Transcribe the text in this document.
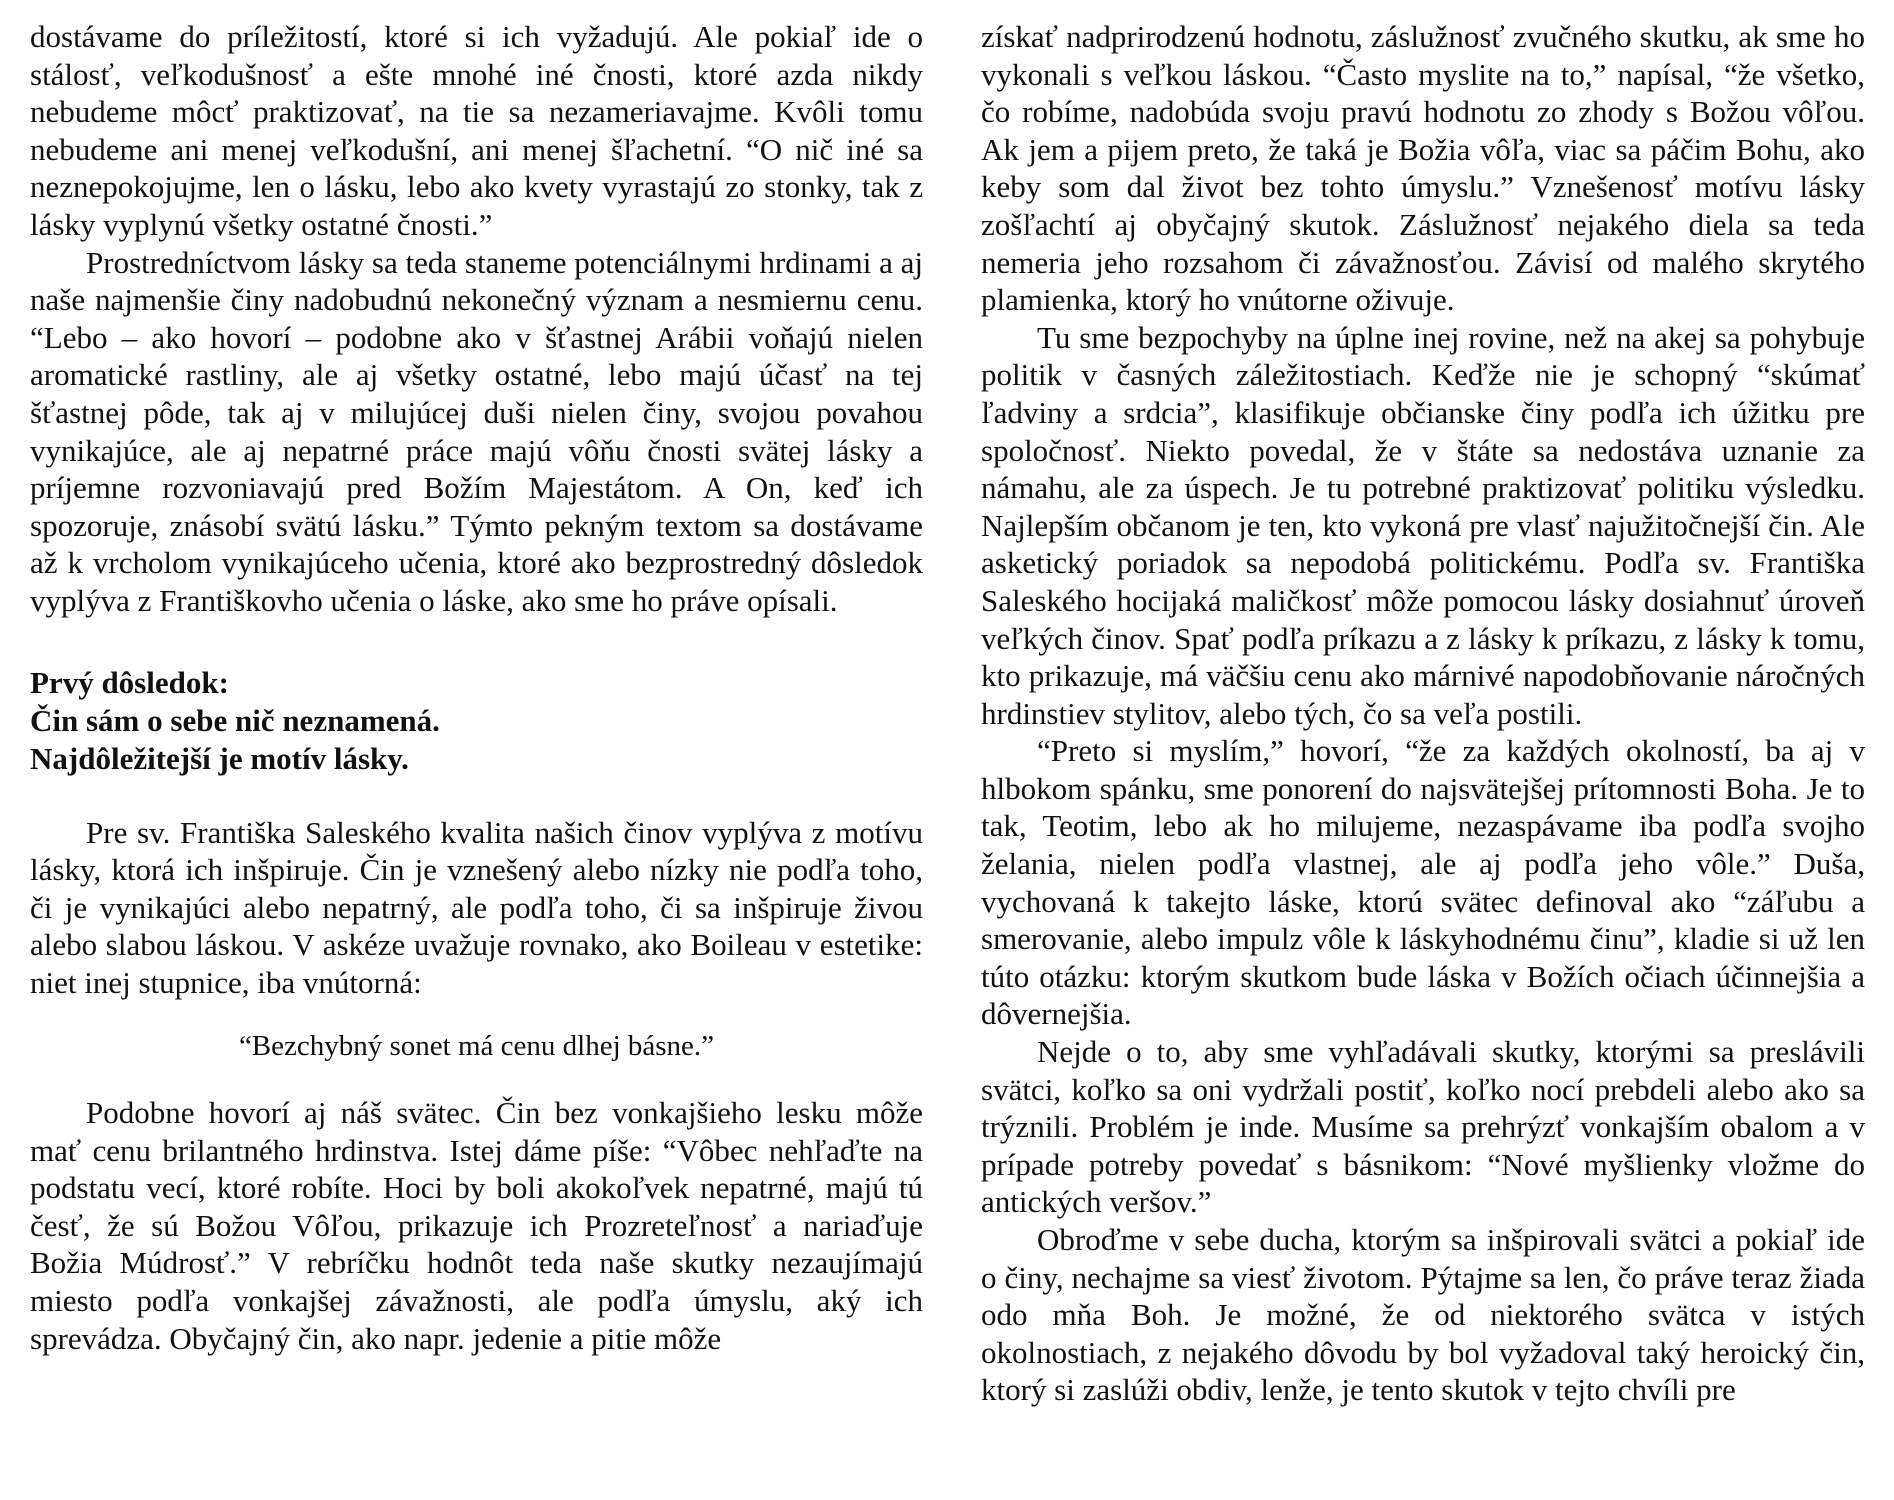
dostávame do príležitostí, ktoré si ich vyžadujú. Ale pokiaľ ide o stálosť, veľkodušnosť a ešte mnohé iné čnosti, ktoré azda nikdy nebudeme môcť praktizovať, na tie sa nezameriavajme. Kvôli tomu nebudeme ani menej veľkodušní, ani menej šľachetní. “O nič iné sa neznepokojujme, len o lásku, lebo ako kvety vyrastajú zo stonky, tak z lásky vyplynú všetky ostatné čnosti.”

Prostredníctvom lásky sa teda staneme potenciálnymi hrdinami a aj naše najmenšie činy nadobudnú nekonečný význam a nesmiernu cenu. “Lebo – ako hovorí – podobne ako v šťastnej Arábii voňajú nielen aromatické rastliny, ale aj všetky ostatné, lebo majú účasť na tej šťastnej pôde, tak aj v milujúcej duši nielen činy, svojou povahou vynikajúce, ale aj nepatrné práce majú vôňu čnosti svätej lásky a príjemne rozvoniavajú pred Božím Majestátom. A On, keď ich spozoruje, znásobí svätú lásku.” Týmto pekným textom sa dostávame až k vrcholom vynikajúceho učenia, ktoré ako bezprostredný dôsledok vyplýva z Františkovho učenia o láske, ako sme ho práve opísali.

Prvý dôsledok:
Čin sám o sebe nič neznamená.
Najdôležitejší je motív lásky.

Pre sv. Františka Saleského kvalita našich činov vyplýva z motívu lásky, ktorá ich inšpiruje. Čin je vznešený alebo nízky nie podľa toho, či je vynikajúci alebo nepatrný, ale podľa toho, či sa inšpiruje živou alebo slabou láskou. V askéze uvažuje rovnako, ako Boileau v estetike: niet inej stupnice, iba vnútorná:

“Bezchybný sonet má cenu dlhej básne.”

Podobne hovorí aj náš svätec. Čin bez vonkajšieho lesku môže mať cenu brilantného hrdinstva. Istej dáme píše: “Vôbec nehľaďte na podstatu vecí, ktoré robíte. Hoci by boli akokoľvek nepatrné, majú tú česť, že sú Božou Vôľou, prikazuje ich Prozreteľnosť a nariaďuje Božia Múdrosť.” V rebríčku hodnôt teda naše skutky nezaujímajú miesto podľa vonkajšej závažnosti, ale podľa úmyslu, aký ich sprevádza. Obyčajný čin, ako napr. jedenie a pitie môže

získať nadprirodzenú hodnotu, záslužnosť zvučného skutku, ak sme ho vykonali s veľkou láskou. “Často myslite na to,” napísal, “že všetko, čo robíme, nadobúda svoju pravú hodnotu zo zhody s Božou vôľou. Ak jem a pijem preto, že taká je Božia vôľa, viac sa páčim Bohu, ako keby som dal život bez tohto úmyslu.” Vznešenosť motívu lásky zošľachtí aj obyčajný skutok. Záslužnosť nejakého diela sa teda nemeria jeho rozsahom či závažnosťou. Závisí od malého skrytého plamienka, ktorý ho vnútorne oživuje.

Tu sme bezpochyby na úplne inej rovine, než na akej sa pohybuje politik v časných záležitostiach. Keďže nie je schopný “skúmať ľadviny a srdcia”, klasifikuje občianske činy podľa ich úžitku pre spoločnosť. Niekto povedal, že v štáte sa nedostáva uznanie za námahu, ale za úspech. Je tu potrebné praktizovať politiku výsledku. Najlepším občanom je ten, kto vykoná pre vlasť najužitočnejší čin. Ale asketický poriadok sa nepodobá politickému. Podľa sv. Františka Saleského hocijaká maličkosť môže pomocou lásky dosiahnuť úroveň veľkých činov. Spať podľa príkazu a z lásky k príkazu, z lásky k tomu, kto prikazuje, má väčšiu cenu ako márnivé napodobňovanie náročných hrdinstiev stylitov, alebo tých, čo sa veľa postili.

“Preto si myslím,” hovorí, “že za každých okolností, ba aj v hlbokom spánku, sme ponorení do najsvätejšej prítomnosti Boha. Je to tak, Teotim, lebo ak ho milujeme, nezaspávame iba podľa svojho želania, nielen podľa vlastnej, ale aj podľa jeho vôle.” Duša, vychovaná k takejto láske, ktorú svätec definoval ako “záľubu a smerovanie, alebo impulz vôle k láskyhodnému činu”, kladie si už len túto otázku: ktorým skutkom bude láska v Božích očiach účinnejšia a dôvernejšia.

Nejde o to, aby sme vyhľadávali skutky, ktorými sa preslávili svätci, koľko sa oni vydržali postiť, koľko nocí prebdeli alebo ako sa trýznili. Problém je inde. Musíme sa prehrýzť vonkajším obalom a v prípade potreby povedať s básnikom: “Nové myšlienky vložme do antických veršov.”

Obroďme v sebe ducha, ktorým sa inšpirovali svätci a pokiaľ ide o činy, nechajme sa viesť životom. Pýtajme sa len, čo práve teraz žiada odo mňa Boh. Je možné, že od niektorého svätca v istých okolnostiach, z nejakého dôvodu by bol vyžadoval taký heroický čin, ktorý si zaslúži obdiv, lenže, je tento skutok v tejto chvíli pre
